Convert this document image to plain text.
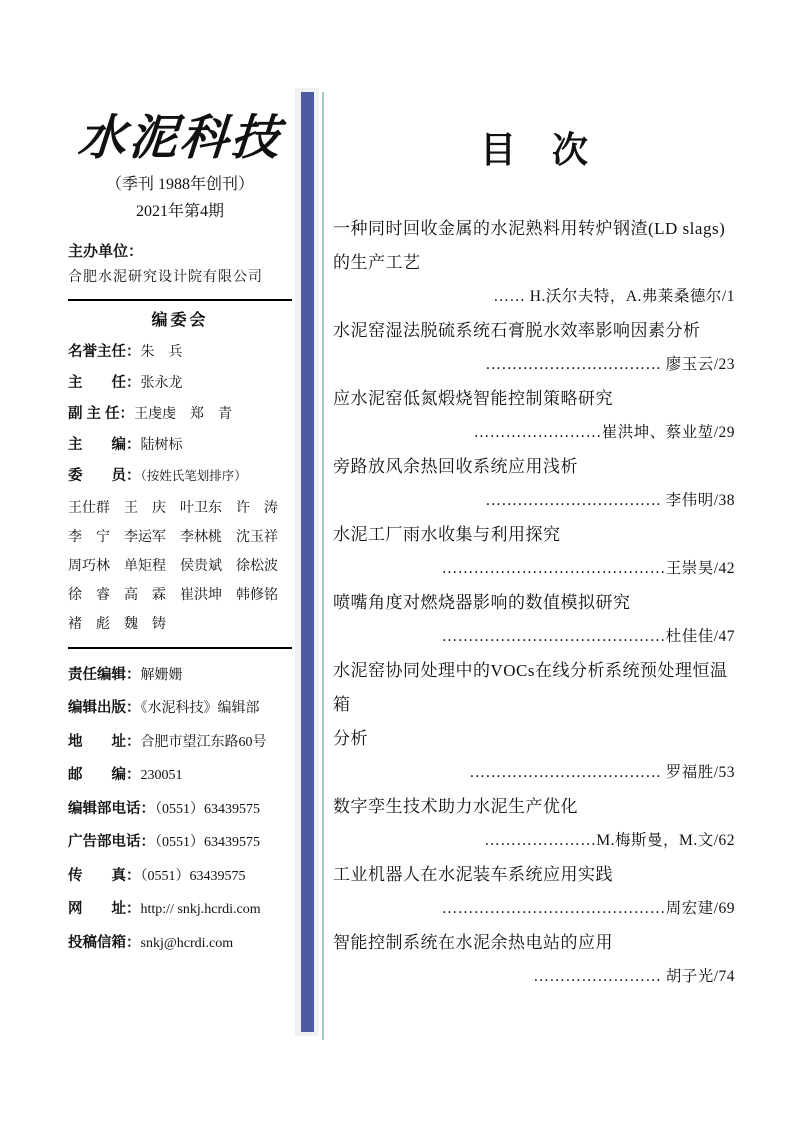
水泥科技
（季刊 1988年创刊）
2021年第4期
主办单位：
合肥水泥研究设计院有限公司
编委会
名誉主任：朱　兵
主　　任：张永龙
副 主 任：王虔虔　郑　青
主　　编：陆树标
委　　员：（按姓氏笔划排序）
王仕群	王　庆	叶卫东	许　涛
李　宁	李运军	李林桃	沈玉祥
周巧林	单矩程	侯贵斌	徐松波
徐　睿	高　霖	崔洪坤	韩修铭
褚　彪	魏　铸
责任编辑：解姗姗
编辑出版：《水泥科技》编辑部
地　　址：合肥市望江东路60号
邮　　编：230051
编辑部电话：（0551）63439575
广告部电话：（0551）63439575
传　　真：（0551）63439575
网　　址：http:// snkj.hcrdi.com
投稿信箱：snkj@hcrdi.com
目　次

一种同时回收金属的水泥熟料用转炉钢渣(LD slags)

的生产工艺

…… H.沃尔夫特，A.弗莱桑德尔/1

水泥窑湿法脱硫系统石膏脱水效率影响因素分析

…………………………… 廖玉云/23

应水泥窑低氮煅烧智能控制策略研究

……………………崔洪坤、蔡业堃/29

旁路放风余热回收系统应用浅析

…………………………… 李伟明/38

水泥工厂雨水收集与利用探究

……………………………………王崇昊/42

喷嘴角度对燃烧器影响的数值模拟研究

……………………………………杜佳佳/47

水泥窑协同处理中的VOCs在线分析系统预处理恒温箱

分析

……………………………… 罗福胜/53

数字孪生技术助力水泥生产优化

…………………M.梅斯曼，M.文/62

工业机器人在水泥装车系统应用实践

……………………………………周宏建/69

智能控制系统在水泥余热电站的应用

…………………… 胡子光/74
